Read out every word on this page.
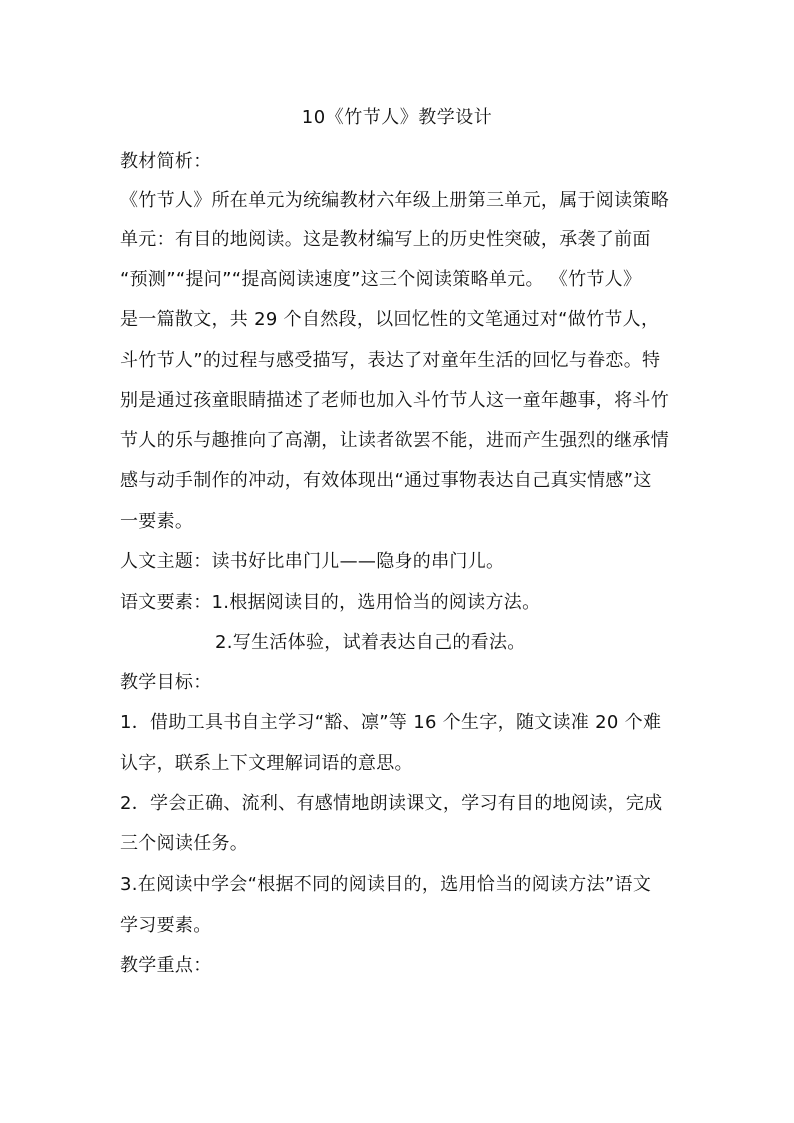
10《竹节人》教学设计
教材简析：
《竹节人》所在单元为统编教材六年级上册第三单元，属于阅读策略
单元：有目的地阅读。这是教材编写上的历史性突破，承袭了前面
“预测”“提问”“提高阅读速度”这三个阅读策略单元。 《竹节人》
是一篇散文，共 29 个自然段，以回忆性的文笔通过对“做竹节人，
斗竹节人”的过程与感受描写，表达了对童年生活的回忆与眷恋。特
别是通过孩童眼睛描述了老师也加入斗竹节人这一童年趣事，将斗竹
节人的乐与趣推向了高潮，让读者欲罢不能，进而产生强烈的继承情
感与动手制作的冲动，有效体现出“通过事物表达自己真实情感”这
一要素。
人文主题：读书好比串门儿——隐身的串门儿。
语文要素：1.根据阅读目的，选用恰当的阅读方法。
2.写生活体验，试着表达自己的看法。
教学目标：
1．借助工具书自主学习“豁、凛”等 16 个生字，随文读准 20 个难
认字，联系上下文理解词语的意思。
2．学会正确、流利、有感情地朗读课文，学习有目的地阅读，完成
三个阅读任务。
3.在阅读中学会“根据不同的阅读目的，选用恰当的阅读方法”语文
学习要素。
教学重点：
